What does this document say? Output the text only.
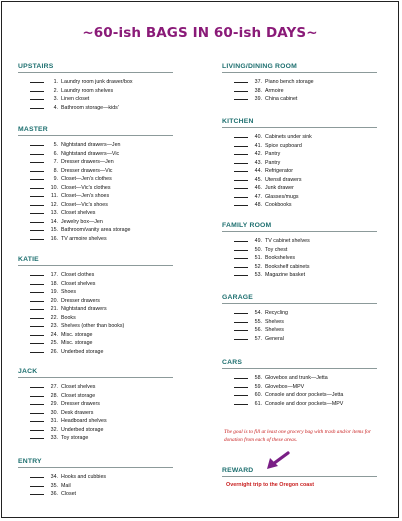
~60-ish BAGS IN 60-ish DAYS~
UPSTAIRS
1. Laundry room junk drawer/box
2. Laundry room shelves
3. Linen closet
4. Bathroom storage—kids'
MASTER
5. Nightstand drawers—Jen
6. Nightstand drawers—Vic
7. Dresser drawers—Jen
8. Dresser drawers—Vic
9. Closet—Jen's clothes
10. Closet—Vic's clothes
11. Closet—Jen's shoes
12. Closet—Vic's shoes
13. Closet shelves
14. Jewelry box—Jen
15. Bathroom/vanity area storage
16. TV armoire shelves
KATIE
17. Closet clothes
18. Closet shelves
19. Shoes
20. Dresser drawers
21. Nightstand drawers
22. Books
23. Shelves (other than books)
24. Misc. storage
25. Misc. storage
26. Underbed storage
JACK
27. Closet shelves
28. Closet storage
29. Dresser drawers
30. Desk drawers
31. Headboard shelves
32. Underbed storage
33. Toy storage
ENTRY
34. Hooks and cubbies
35. Mail
36. Closet
LIVING/DINING ROOM
37. Piano bench storage
38. Armoire
39. China cabinet
KITCHEN
40. Cabinets under sink
41. Spice cupboard
42. Pantry
43. Pantry
44. Refrigerator
45. Utensil drawers
46. Junk drawer
47. Glasses/mugs
48. Cookbooks
FAMILY ROOM
49. TV cabinet shelves
50. Toy chest
51. Bookshelves
52. Bookshelf cabinets
53. Magazine basket
GARAGE
54. Recycling
55. Shelves
56. Shelves
57. General
CARS
58. Glovebox and trunk—Jetta
59. Glovebox—MPV
60. Console and door pockets—Jetta
61. Console and door pockets—MPV
The goal is to fill at least one grocery bag with trash and/or items for donation from each of these areas.
REWARD
Overnight trip to the Oregon coast
